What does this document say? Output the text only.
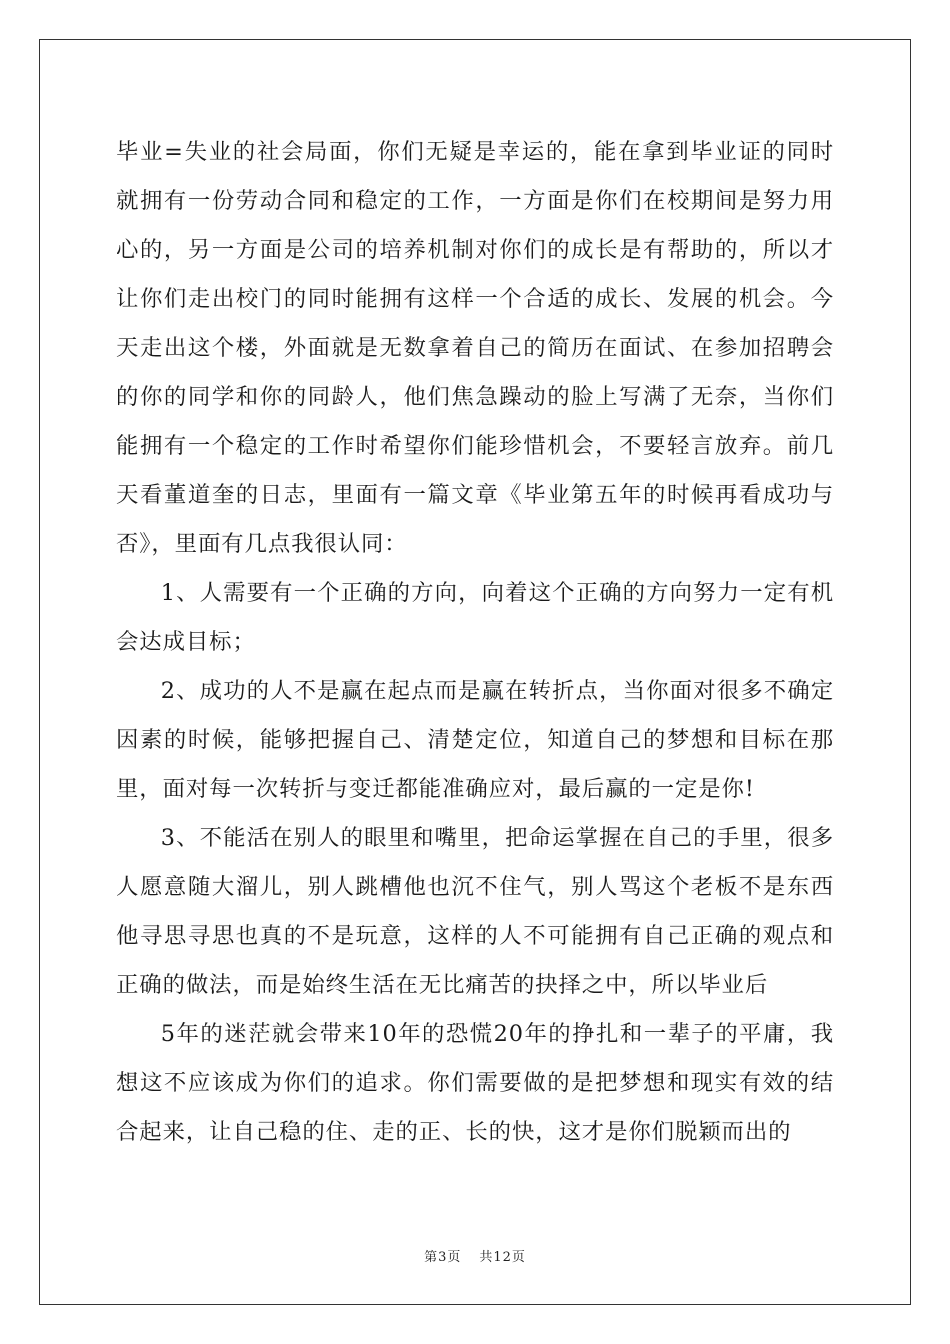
毕业=失业的社会局面，你们无疑是幸运的，能在拿到毕业证的同时就拥有一份劳动合同和稳定的工作，一方面是你们在校期间是努力用心的，另一方面是公司的培养机制对你们的成长是有帮助的，所以才让你们走出校门的同时能拥有这样一个合适的成长、发展的机会。今天走出这个楼，外面就是无数拿着自己的简历在面试、在参加招聘会的你的同学和你的同龄人，他们焦急躁动的脸上写满了无奈，当你们能拥有一个稳定的工作时希望你们能珍惜机会，不要轻言放弃。前几天看董道奎的日志，里面有一篇文章《毕业第五年的时候再看成功与否》，里面有几点我很认同：

1、人需要有一个正确的方向，向着这个正确的方向努力一定有机会达成目标；

2、成功的人不是赢在起点而是赢在转折点，当你面对很多不确定因素的时候，能够把握自己、清楚定位，知道自己的梦想和目标在那里，面对每一次转折与变迁都能准确应对，最后赢的一定是你!

3、不能活在别人的眼里和嘴里，把命运掌握在自己的手里，很多人愿意随大溜儿，别人跳槽他也沉不住气，别人骂这个老板不是东西他寻思寻思也真的不是玩意，这样的人不可能拥有自己正确的观点和正确的做法，而是始终生活在无比痛苦的抉择之中，所以毕业后

5年的迷茫就会带来10年的恐慌20年的挣扎和一辈子的平庸，我想这不应该成为你们的追求。你们需要做的是把梦想和现实有效的结合起来，让自己稳的住、走的正、长的快，这才是你们脱颖而出的

第3页 共12页
